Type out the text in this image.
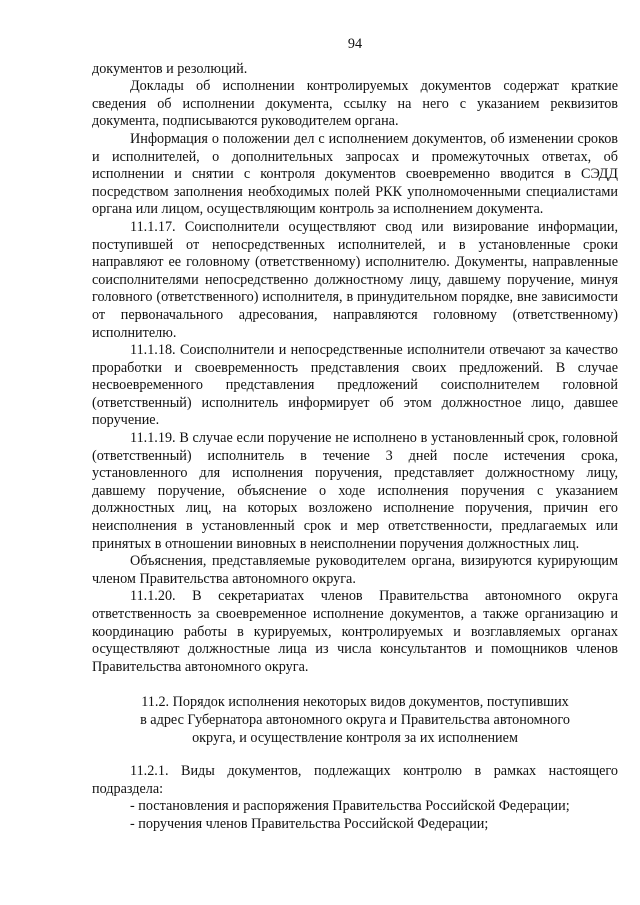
94

документов и резолюций.

Доклады об исполнении контролируемых документов содержат краткие сведения об исполнении документа, ссылку на него с указанием реквизитов документа, подписываются руководителем органа.

Информация о положении дел с исполнением документов, об изменении сроков и исполнителей, о дополнительных запросах и промежуточных ответах, об исполнении и снятии с контроля документов своевременно вводится в СЭДД посредством заполнения необходимых полей РКК уполномоченными специалистами органа или лицом, осуществляющим контроль за исполнением документа.

11.1.17. Соисполнители осуществляют свод или визирование информации, поступившей от непосредственных исполнителей, и в установленные сроки направляют ее головному (ответственному) исполнителю. Документы, направленные соисполнителями непосредственно должностному лицу, давшему поручение, минуя головного (ответственного) исполнителя, в принудительном порядке, вне зависимости от первоначального адресования, направляются головному (ответственному) исполнителю.

11.1.18. Соисполнители и непосредственные исполнители отвечают за качество проработки и своевременность представления своих предложений. В случае несвоевременного представления предложений соисполнителем головной (ответственный) исполнитель информирует об этом должностное лицо, давшее поручение.

11.1.19. В случае если поручение не исполнено в установленный срок, головной (ответственный) исполнитель в течение 3 дней после истечения срока, установленного для исполнения поручения, представляет должностному лицу, давшему поручение, объяснение о ходе исполнения поручения с указанием должностных лиц, на которых возложено исполнение поручения, причин его неисполнения в установленный срок и мер ответственности, предлагаемых или принятых в отношении виновных в неисполнении поручения должностных лиц.

Объяснения, представляемые руководителем органа, визируются курирующим членом Правительства автономного округа.

11.1.20. В секретариатах членов Правительства автономного округа ответственность за своевременное исполнение документов, а также организацию и координацию работы в курируемых, контролируемых и возглавляемых органах осуществляют должностные лица из числа консультантов и помощников членов Правительства автономного округа.

11.2. Порядок исполнения некоторых видов документов, поступивших
в адрес Губернатора автономного округа и Правительства автономного
округа, и осуществление контроля за их исполнением

11.2.1. Виды документов, подлежащих контролю в рамках настоящего подраздела:

- постановления и распоряжения Правительства Российской Федерации;
- поручения членов Правительства Российской Федерации;
